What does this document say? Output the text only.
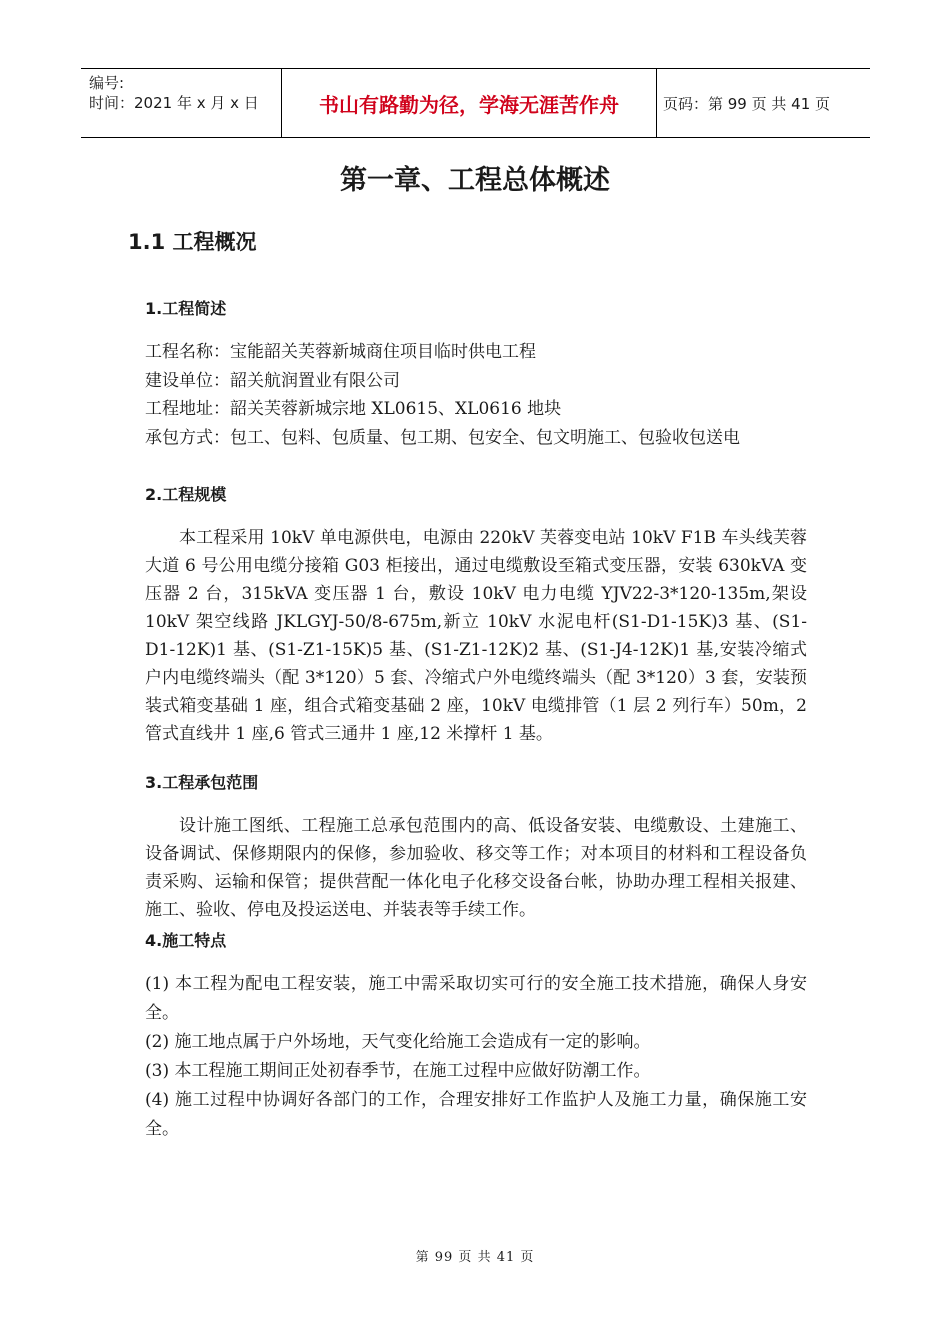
编号:
时间：2021 年 x 月 x 日	书山有路勤为径，学海无涯苦作舟	页码：第 99 页 共 41 页
第一章、工程总体概述
1.1 工程概况
1.工程简述
工程名称：宝能韶关芙蓉新城商住项目临时供电工程
建设单位：韶关航润置业有限公司
工程地址：韶关芙蓉新城宗地 XL0615、XL0616 地块
承包方式：包工、包料、包质量、包工期、包安全、包文明施工、包验收包送电
2.工程规模
本工程采用 10kV 单电源供电，电源由 220kV 芙蓉变电站 10kV F1B 车头线芙蓉大道 6 号公用电缆分接箱 G03 柜接出，通过电缆敷设至箱式变压器，安装 630kVA 变压器 2 台，315kVA 变压器 1 台，敷设 10kV 电力电缆 YJV22-3*120-135m,架设 10kV 架空线路 JKLGYJ-50/8-675m,新立 10kV 水泥电杆(S1-D1-15K)3 基、(S1-D1-12K)1 基、(S1-Z1-15K)5 基、(S1-Z1-12K)2 基、(S1-J4-12K)1 基,安装冷缩式户内电缆终端头（配 3*120）5 套、冷缩式户外电缆终端头（配 3*120）3 套，安装预装式箱变基础 1 座，组合式箱变基础 2 座，10kV 电缆排管（1 层 2 列行车）50m，2 管式直线井 1 座,6 管式三通井 1 座,12 米撑杆 1 基。
3.工程承包范围
设计施工图纸、工程施工总承包范围内的高、低设备安装、电缆敷设、土建施工、设备调试、保修期限内的保修，参加验收、移交等工作；对本项目的材料和工程设备负责采购、运输和保管；提供营配一体化电子化移交设备台帐，协助办理工程相关报建、施工、验收、停电及投运送电、并装表等手续工作。
4.施工特点
(1) 本工程为配电工程安装，施工中需采取切实可行的安全施工技术措施，确保人身安全。
(2) 施工地点属于户外场地，天气变化给施工会造成有一定的影响。
(3) 本工程施工期间正处初春季节，在施工过程中应做好防潮工作。
(4) 施工过程中协调好各部门的工作，合理安排好工作监护人及施工力量，确保施工安全。
第 99 页 共 41 页
